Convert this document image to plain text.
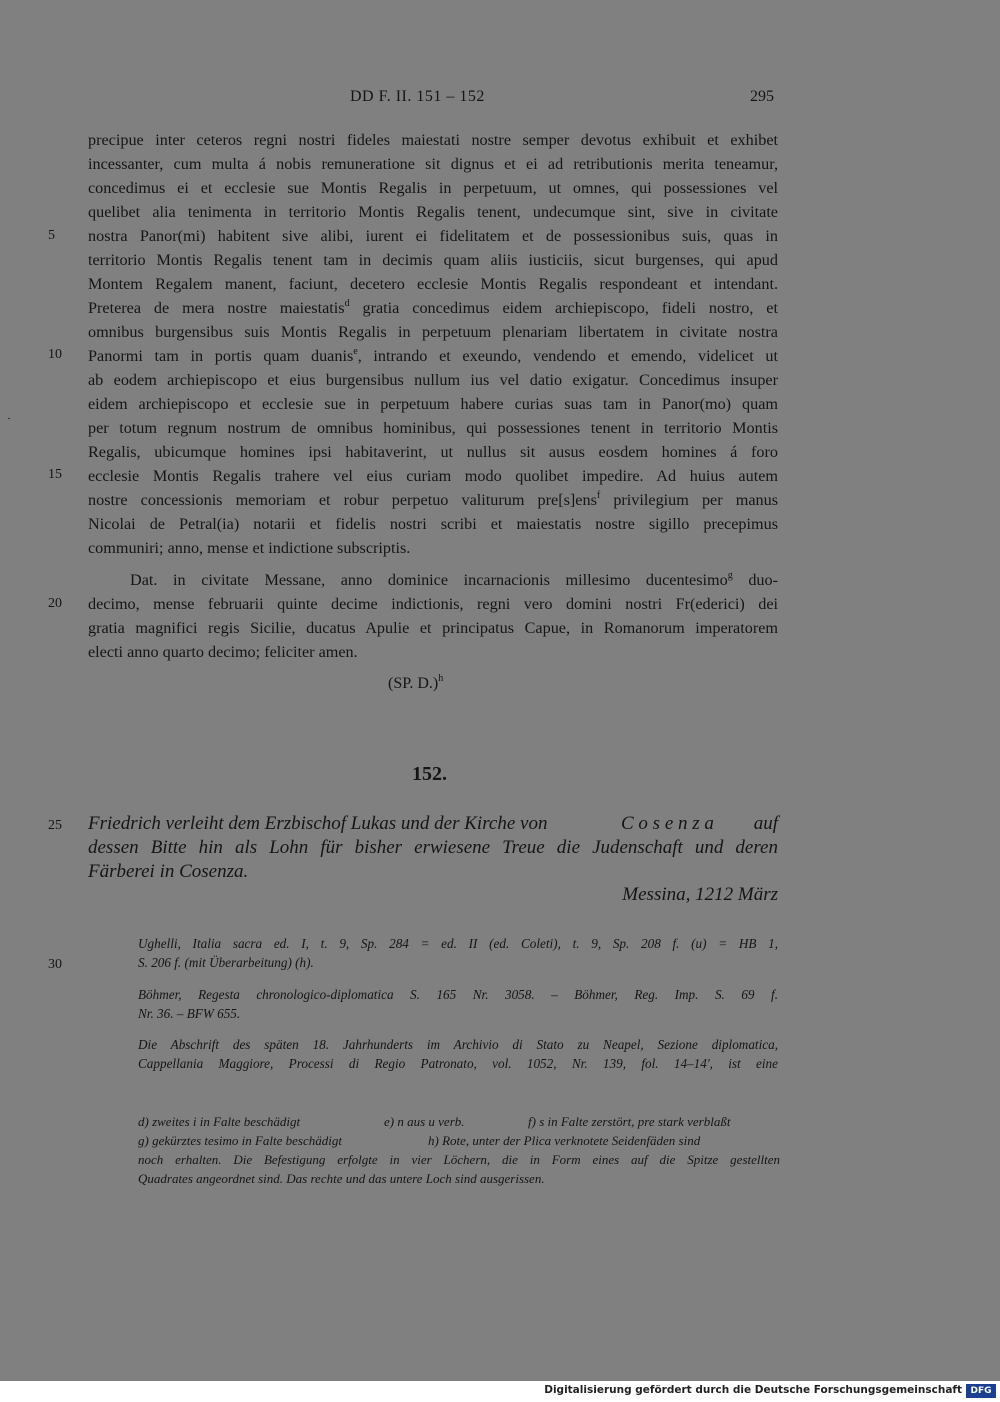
DD F. II. 151 – 152	295
precipue inter ceteros regni nostri fideles maiestati nostre semper devotus exhibuit et exhibet
incessanter, cum multa á nobis remuneratione sit dignus et ei ad retributionis merita teneamur,
concedimus ei et ecclesie sue Montis Regalis in perpetuum, ut omnes, qui possessiones vel
quelibet alia tenimenta in territorio Montis Regalis tenent, undecumque sint, sive in civitate
nostra Panor(mi) habitent sive alibi, iurent ei fidelitatem et de possessionibus suis, quas in
territorio Montis Regalis tenent tam in decimis quam aliis iusticiis, sicut burgenses, qui apud
Montem Regalem manent, faciunt, decetero ecclesie Montis Regalis respondeant et intendant.
Preterea de mera nostre maiestatis$^d$ gratia concedimus eidem archiepiscopo, fideli nostro, et
omnibus burgensibus suis Montis Regalis in perpetuum plenariam libertatem in civitate nostra
Panormi tam in portis quam duanis$^e$, intrando et exeundo, vendendo et emendo, videlicet ut
ab eodem archiepiscopo et eius burgensibus nullum ius vel datio exigatur. Concedimus insuper
eidem archiepiscopo et ecclesie sue in perpetuum habere curias suas tam in Panor(mo) quam
per totum regnum nostrum de omnibus hominibus, qui possessiones tenent in territorio Montis
Regalis, ubicumque homines ipsi habitaverint, ut nullus sit ausus eosdem homines á foro
ecclesie Montis Regalis trahere vel eius curiam modo quolibet impedire. Ad huius autem
nostre concessionis memoriam et robur perpetuo valiturum pre[s]ens$^f$ privilegium per manus
Nicolai de Petral(ia) notarii et fidelis nostri scribi et maiestatis nostre sigillo precepimus
communiri; anno, mense et indictione subscriptis.
Dat. in civitate Messane, anno dominice incarnacionis millesimo ducentesimo$^g$ duo-
decimo, mense februarii quinte decime indictionis, regni vero domini nostri Fr(ederici) dei
gratia magnifici regis Sicilie, ducatus Apulie et principatus Capue, in Romanorum imperatorem
electi anno quarto decimo; feliciter amen.
(SP. D.)$^h$
5
10
15
20
25
30
152.
Friedrich verleiht dem Erzbischof Lukas und der Kirche von	C o s e n z a auf
dessen Bitte hin als Lohn für bisher erwiesene Treue die Judenschaft und deren
Färberei in Cosenza.
Messina, 1212 März
Ughelli, Italia sacra ed. I, t. 9, Sp. 284 = ed. II (ed. Coleti), t. 9, Sp. 208 f. (u) = HB 1,
S. 206 f. (mit Überarbeitung) (h).
Böhmer, Regesta chronologico-diplomatica S. 165 Nr. 3058. – Böhmer, Reg. Imp. S. 69 f.
Nr. 36. – BFW 655.
Die Abschrift des späten 18. Jahrhunderts im Archivio di Stato zu Neapel, Sezione diplomatica,
Cappellania Maggiore, Processi di Regio Patronato, vol. 1052, Nr. 139, fol. 14–14', ist eine
d) zweites i in Falte beschädigt	e) n aus u verb.	f) s in Falte zerstört, pre stark verblaßt
g) gekürztes tesimo in Falte beschädigt	h) Rote, unter der Plica verknotete Seidenfäden sind
noch erhalten. Die Befestigung erfolgte in vier Löchern, die in Form eines auf die Spitze gestellten
Quadrates angeordnet sind. Das rechte und das untere Loch sind ausgerissen.
Digitalisierung gefördert durch die Deutsche Forschungsgemeinschaft DFG
